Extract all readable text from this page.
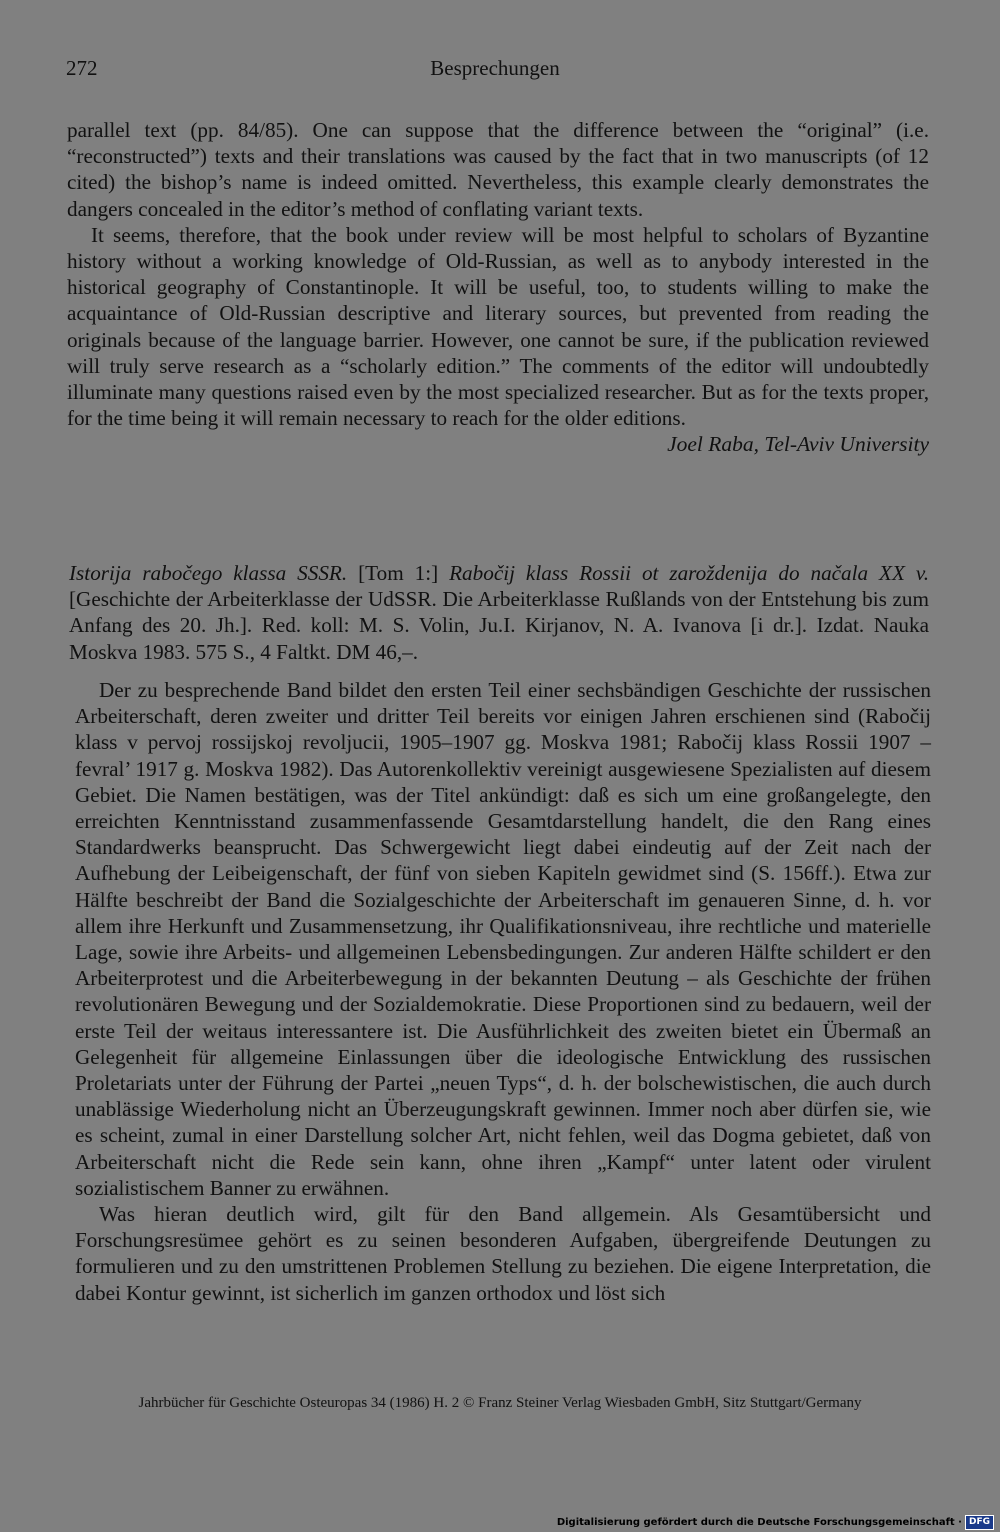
272	Besprechungen

parallel text (pp. 84/85). One can suppose that the difference between the “original” (i.e. “reconstructed”) texts and their translations was caused by the fact that in two manuscripts (of 12 cited) the bishop’s name is indeed omitted. Nevertheless, this example clearly demonstrates the dangers concealed in the editor’s method of conflating variant texts.

It seems, therefore, that the book under review will be most helpful to scholars of Byzantine history without a working knowledge of Old-Russian, as well as to anybody interested in the historical geography of Constantinople. It will be useful, too, to students willing to make the acquaintance of Old-Russian descriptive and literary sources, but prevented from reading the originals because of the language barrier. However, one cannot be sure, if the publication reviewed will truly serve research as a “scholarly edition.” The comments of the editor will undoubtedly illuminate many questions raised even by the most specialized researcher. But as for the texts proper, for the time being it will remain necessary to reach for the older editions.

Joel Raba, Tel-Aviv University

Istorija rabočego klassa SSSR. [Tom 1:] Rabočij klass Rossii ot zaroždenija do načala XX v. [Geschichte der Arbeiterklasse der UdSSR. Die Arbeiterklasse Rußlands von der Entstehung bis zum Anfang des 20. Jh.]. Red. koll: M. S. Volin, Ju.I. Kirjanov, N. A. Ivanova [i dr.]. Izdat. Nauka Moskva 1983. 575 S., 4 Faltkt. DM 46,–.

Der zu besprechende Band bildet den ersten Teil einer sechsbändigen Geschichte der russischen Arbeiterschaft, deren zweiter und dritter Teil bereits vor einigen Jahren erschienen sind (Rabočij klass v pervoj rossijskoj revoljucii, 1905–1907 gg. Moskva 1981; Rabočij klass Rossii 1907 – fevral’ 1917 g. Moskva 1982). Das Autorenkollektiv vereinigt ausgewiesene Spezialisten auf diesem Gebiet. Die Namen bestätigen, was der Titel ankündigt: daß es sich um eine großangelegte, den erreichten Kenntnisstand zusammenfassende Gesamtdarstellung handelt, die den Rang eines Standardwerks beansprucht. Das Schwergewicht liegt dabei eindeutig auf der Zeit nach der Aufhebung der Leibeigenschaft, der fünf von sieben Kapiteln gewidmet sind (S. 156ff.). Etwa zur Hälfte beschreibt der Band die Sozialgeschichte der Arbeiterschaft im genaueren Sinne, d. h. vor allem ihre Herkunft und Zusammensetzung, ihr Qualifikationsniveau, ihre rechtliche und materielle Lage, sowie ihre Arbeits- und allgemeinen Lebensbedingungen. Zur anderen Hälfte schildert er den Arbeiterprotest und die Arbeiterbewegung in der bekannten Deutung – als Geschichte der frühen revolutionären Bewegung und der Sozialdemokratie. Diese Proportionen sind zu bedauern, weil der erste Teil der weitaus interessantere ist. Die Ausführlichkeit des zweiten bietet ein Übermaß an Gelegenheit für allgemeine Einlassungen über die ideologische Entwicklung des russischen Proletariats unter der Führung der Partei „neuen Typs“, d. h. der bolschewistischen, die auch durch unablässige Wiederholung nicht an Überzeugungskraft gewinnen. Immer noch aber dürfen sie, wie es scheint, zumal in einer Darstellung solcher Art, nicht fehlen, weil das Dogma gebietet, daß von Arbeiterschaft nicht die Rede sein kann, ohne ihren „Kampf“ unter latent oder virulent sozialistischem Banner zu erwähnen.

Was hieran deutlich wird, gilt für den Band allgemein. Als Gesamtübersicht und Forschungsresümee gehört es zu seinen besonderen Aufgaben, übergreifende Deutungen zu formulieren und zu den umstrittenen Problemen Stellung zu beziehen. Die eigene Interpretation, die dabei Kontur gewinnt, ist sicherlich im ganzen orthodox und löst sich

Jahrbücher für Geschichte Osteuropas 34 (1986) H. 2 © Franz Steiner Verlag Wiesbaden GmbH, Sitz Stuttgart/Germany
Digitalisierung gefördert durch die Deutsche Forschungsgemeinschaft · DFG
